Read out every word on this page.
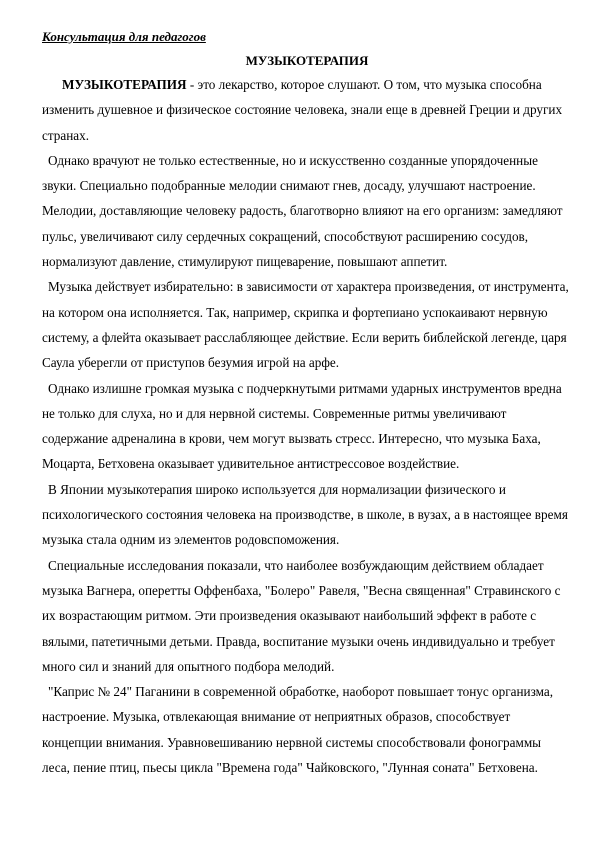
Консультация для педагогов

МУЗЫКОТЕРАПИЯ

МУЗЫКОТЕРАПИЯ - это лекарство, которое слушают. О том, что музыка способна изменить душевное и физическое состояние человека, знали еще в древней Греции и других странах.

Однако врачуют не только естественные, но и искусственно созданные упорядоченные звуки. Специально подобранные мелодии снимают гнев, досаду, улучшают настроение. Мелодии, доставляющие человеку радость, благотворно влияют на его организм: замедляют пульс, увеличивают силу сердечных сокращений, способствуют расширению сосудов, нормализуют давление, стимулируют пищеварение, повышают аппетит.

Музыка действует избирательно: в зависимости от характера произведения, от инструмента, на котором она исполняется. Так, например, скрипка и фортепиано успокаивают нервную систему, а флейта оказывает расслабляющее действие. Если верить библейской легенде, царя Саула уберегли от приступов безумия игрой на арфе.

Однако излишне громкая музыка с подчеркнутыми ритмами ударных инструментов вредна не только для слуха, но и для нервной системы. Современные ритмы увеличивают содержание адреналина в крови, чем могут вызвать стресс. Интересно, что музыка Баха, Моцарта, Бетховена оказывает удивительное антистрессовое воздействие.

В Японии музыкотерапия широко используется для нормализации физического и психологического состояния человека на производстве, в школе, в вузах, а в настоящее время музыка стала одним из элементов родовспоможения.

Специальные исследования показали, что наиболее возбуждающим действием обладает музыка Вагнера, оперетты Оффенбаха, "Болеро" Равеля, "Весна священная" Стравинского с их возрастающим ритмом. Эти произведения оказывают наибольший эффект в работе с вялыми, патетичными детьми. Правда, воспитание музыки очень индивидуально и требует много сил и знаний для опытного подбора мелодий.

"Каприс № 24" Паганини в современной обработке, наоборот повышает тонус организма, настроение. Музыка, отвлекающая внимание от неприятных образов, способствует концепции внимания. Уравновешиванию нервной системы способствовали фонограммы леса, пение птиц, пьесы цикла "Времена года" Чайковского, "Лунная соната" Бетховена.
